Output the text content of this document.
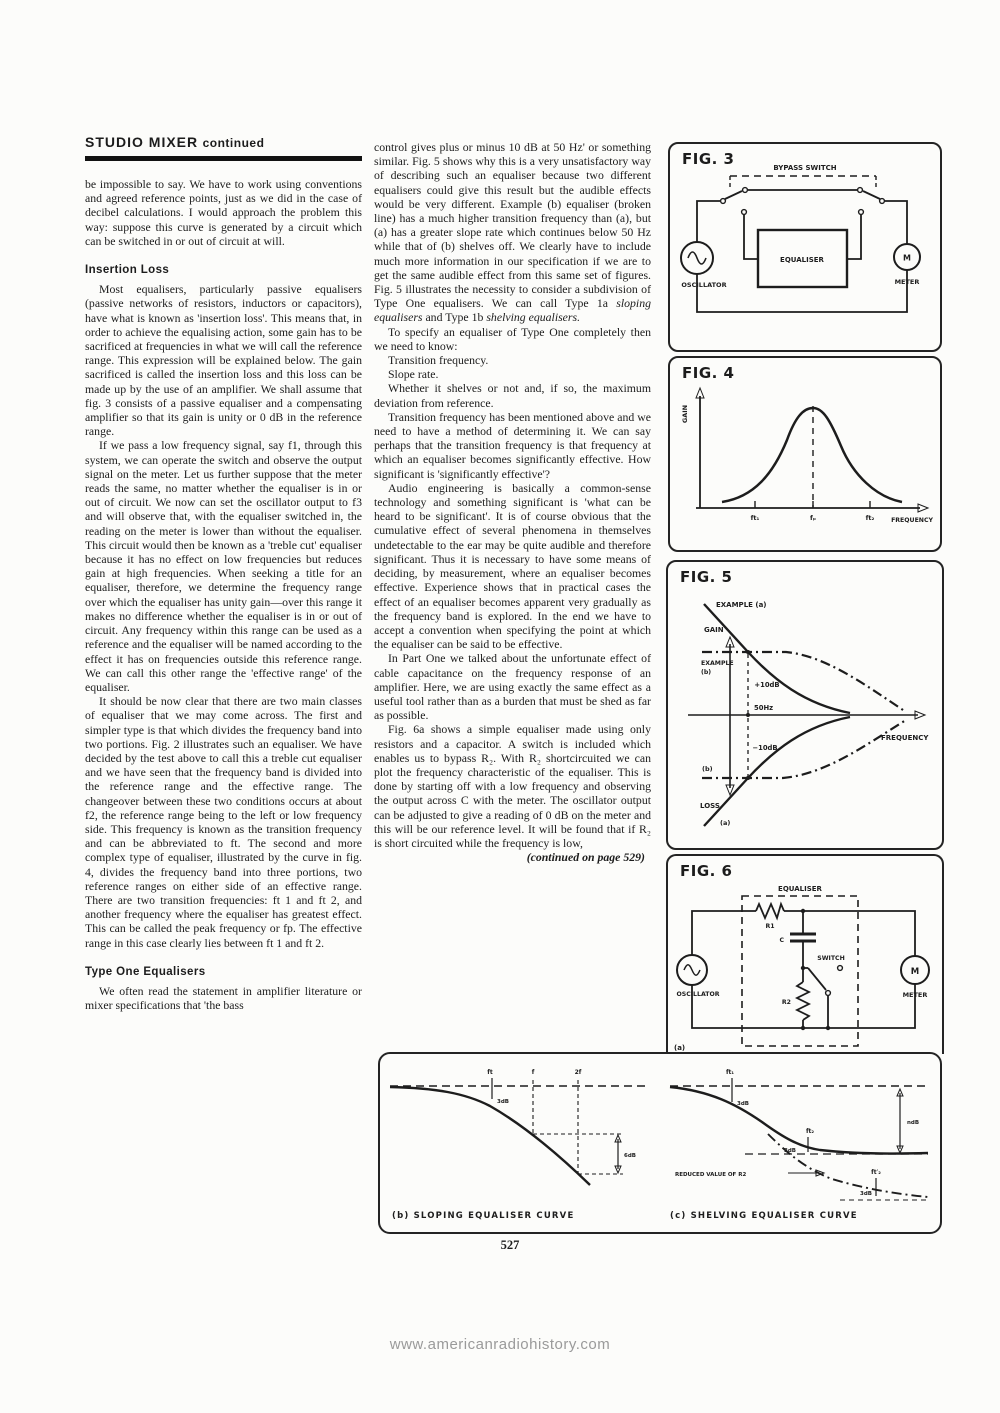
STUDIO MIXER continued

be impossible to say. We have to work using conventions and agreed reference points, just as we did in the case of decibel calculations. I would approach the problem this way: suppose this curve is generated by a circuit which can be switched in or out of circuit at will.

Insertion Loss

Most equalisers, particularly passive equalisers (passive networks of resistors, inductors or capacitors), have what is known as 'insertion loss'. This means that, in order to achieve the equalising action, some gain has to be sacrificed at frequencies in what we will call the reference range. This expression will be explained below. The gain sacrificed is called the insertion loss and this loss can be made up by the use of an amplifier. We shall assume that fig. 3 consists of a passive equaliser and a compensating amplifier so that its gain is unity or 0 dB in the reference range.

If we pass a low frequency signal, say f1, through this system, we can operate the switch and observe the output signal on the meter. Let us further suppose that the meter reads the same, no matter whether the equaliser is in or out of circuit. We now can set the oscillator output to f3 and will observe that, with the equaliser switched in, the reading on the meter is lower than without the equaliser. This circuit would then be known as a 'treble cut' equaliser because it has no effect on low frequencies but reduces gain at high frequencies. When seeking a title for an equaliser, therefore, we determine the frequency range over which the equaliser has unity gain—over this range it makes no difference whether the equaliser is in or out of circuit. Any frequency within this range can be used as a reference and the equaliser will be named according to the effect it has on frequencies outside this reference range. We can call this other range the 'effective range' of the equaliser.

It should be now clear that there are two main classes of equaliser that we may come across. The first and simpler type is that which divides the frequency band into two portions. Fig. 2 illustrates such an equaliser. We have decided by the test above to call this a treble cut equaliser and we have seen that the frequency band is divided into the reference range and the effective range. The changeover between these two conditions occurs at about f2, the reference range being to the left or low frequency side. This frequency is known as the transition frequency and can be abbreviated to ft. The second and more complex type of equaliser, illustrated by the curve in fig. 4, divides the frequency band into three portions, two reference ranges on either side of an effective range. There are two transition frequencies: ft 1 and ft 2, and another frequency where the equaliser has greatest effect. This can be called the peak frequency or fp. The effective range in this case clearly lies between ft 1 and ft 2.

Type One Equalisers

We often read the statement in amplifier literature or mixer specifications that 'the bass

control gives plus or minus 10 dB at 50 Hz' or something similar. Fig. 5 shows why this is a very unsatisfactory way of describing such an equaliser because two different equalisers could give this result but the audible effects would be very different. Example (b) equaliser (broken line) has a much higher transition frequency than (a), but (a) has a greater slope rate which continues below 50 Hz while that of (b) shelves off. We clearly have to include much more information in our specification if we are to get the same audible effect from this same set of figures. Fig. 5 illustrates the necessity to consider a subdivision of Type One equalisers. We can call Type 1a sloping equalisers and Type 1b shelving equalisers.

To specify an equaliser of Type One completely then we need to know:

Transition frequency.

Slope rate.

Whether it shelves or not and, if so, the maximum deviation from reference.

Transition frequency has been mentioned above and we need to have a method of determining it. We can say perhaps that the transition frequency is that frequency at which an equaliser becomes significantly effective. How significant is 'significantly effective'?

Audio engineering is basically a common-sense technology and something significant is 'what can be heard to be significant'. It is of course obvious that the cumulative effect of several phenomena in themselves undetectable to the ear may be quite audible and therefore significant. Thus it is necessary to have some means of deciding, by measurement, where an equaliser becomes effective. Experience shows that in practical cases the effect of an equaliser becomes apparent very gradually as the frequency band is explored. In the end we have to accept a convention when specifying the point at which the equaliser can be said to be effective.

In Part One we talked about the unfortunate effect of cable capacitance on the frequency response of an amplifier. Here, we are using exactly the same effect as a useful tool rather than as a burden that must be shed as far as possible.

Fig. 6a shows a simple equaliser made using only resistors and a capacitor. A switch is included which enables us to bypass R₂. With R₂ shortcircuited we can plot the frequency characteristic of the equaliser. This is done by starting off with a low frequency and observing the output across C with the meter. The oscillator output can be adjusted to give a reading of 0 dB on the meter and this will be our reference level. It will be found that if R₂ is short circuited while the frequency is low,

(continued on page 529)

FIG. 3	BYPASS SWITCH
OSCILLATOR
M
METER
EQUALISER
FIG. 4
GAIN
ft₁	fₚ	ft₂	FREQUENCY
FIG. 5
GAIN
LOSS
FREQUENCY
+10dB
50Hz
−10dB
EXAMPLE (a)
EXAMPLE
(b)
(b)
(a)
FIG. 6
EQUALISER
OSCILLATOR
M
METER
R1
C
SWITCH
R2
(a)
ft
3dB
f	2f
6dB
(b) SLOPING EQUALISER CURVE
ft₁
3dB
ndB
ft₂
3dB
ft′₂
3dB
REDUCED VALUE OF R2
(c) SHELVING EQUALISER CURVE
527
www.americanradiohistory.com
